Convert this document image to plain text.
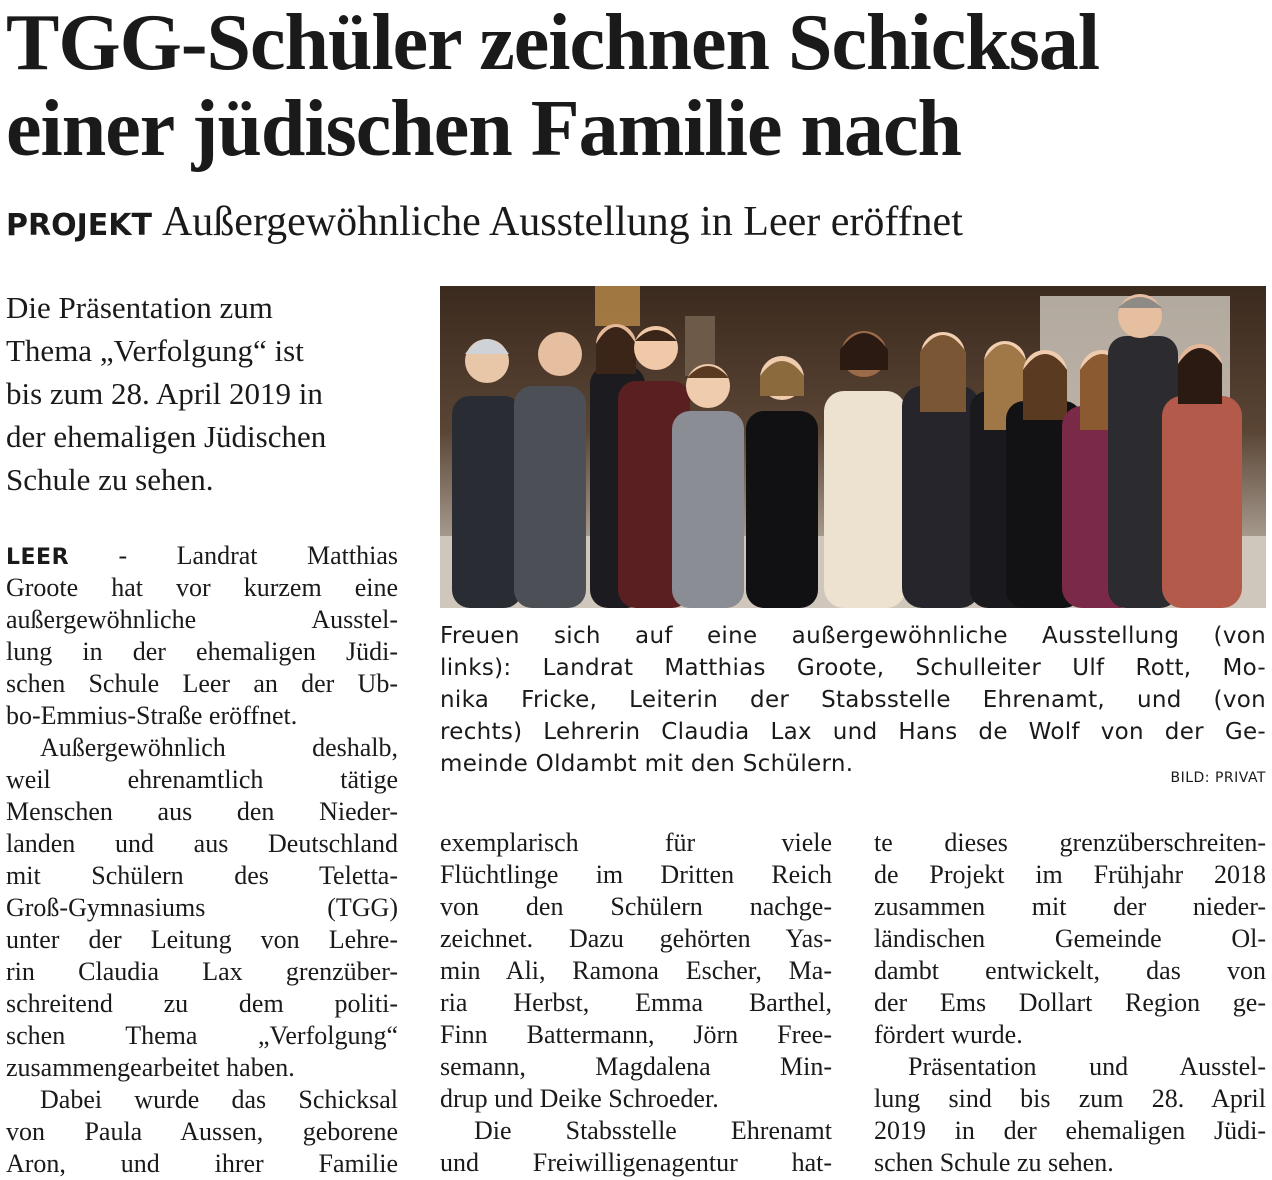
TGG-Schüler zeichnen Schicksal
einer jüdischen Familie nach
PROJEKT Außergewöhnliche Ausstellung in Leer eröffnet
Die Präsentation zum
Thema „Verfolgung“ ist
bis zum 28. April 2019 in
der ehemaligen Jüdischen
Schule zu sehen.
Freuen sich auf eine außergewöhnliche Ausstellung (von
links): Landrat Matthias Groote, Schulleiter Ulf Rott, Mo-
nika Fricke, Leiterin der Stabsstelle Ehrenamt, und (von
rechts) Lehrerin Claudia Lax und Hans de Wolf von der Ge-
meinde Oldambt mit den Schülern.
BILD: PRIVAT
LEER - Landrat Matthias
Groote hat vor kurzem eine
außergewöhnliche Ausstel-
lung in der ehemaligen Jüdi-
schen Schule Leer an der Ub-
bo-Emmius-Straße eröffnet.
Außergewöhnlich deshalb,
weil ehrenamtlich tätige
Menschen aus den Nieder-
landen und aus Deutschland
mit Schülern des Teletta-
Groß-Gymnasiums (TGG)
unter der Leitung von Lehre-
rin Claudia Lax grenzüber-
schreitend zu dem politi-
schen Thema „Verfolgung“
zusammengearbeitet haben.
Dabei wurde das Schicksal
von Paula Aussen, geborene
Aron, und ihrer Familie
exemplarisch für viele
Flüchtlinge im Dritten Reich
von den Schülern nachge-
zeichnet. Dazu gehörten Yas-
min Ali, Ramona Escher, Ma-
ria Herbst, Emma Barthel,
Finn Battermann, Jörn Free-
semann, Magdalena Min-
drup und Deike Schroeder.
Die Stabsstelle Ehrenamt
und Freiwilligenagentur hat-
te dieses grenzüberschreiten-
de Projekt im Frühjahr 2018
zusammen mit der nieder-
ländischen Gemeinde Ol-
dambt entwickelt, das von
der Ems Dollart Region ge-
fördert wurde.
Präsentation und Ausstel-
lung sind bis zum 28. April
2019 in der ehemaligen Jüdi-
schen Schule zu sehen.
